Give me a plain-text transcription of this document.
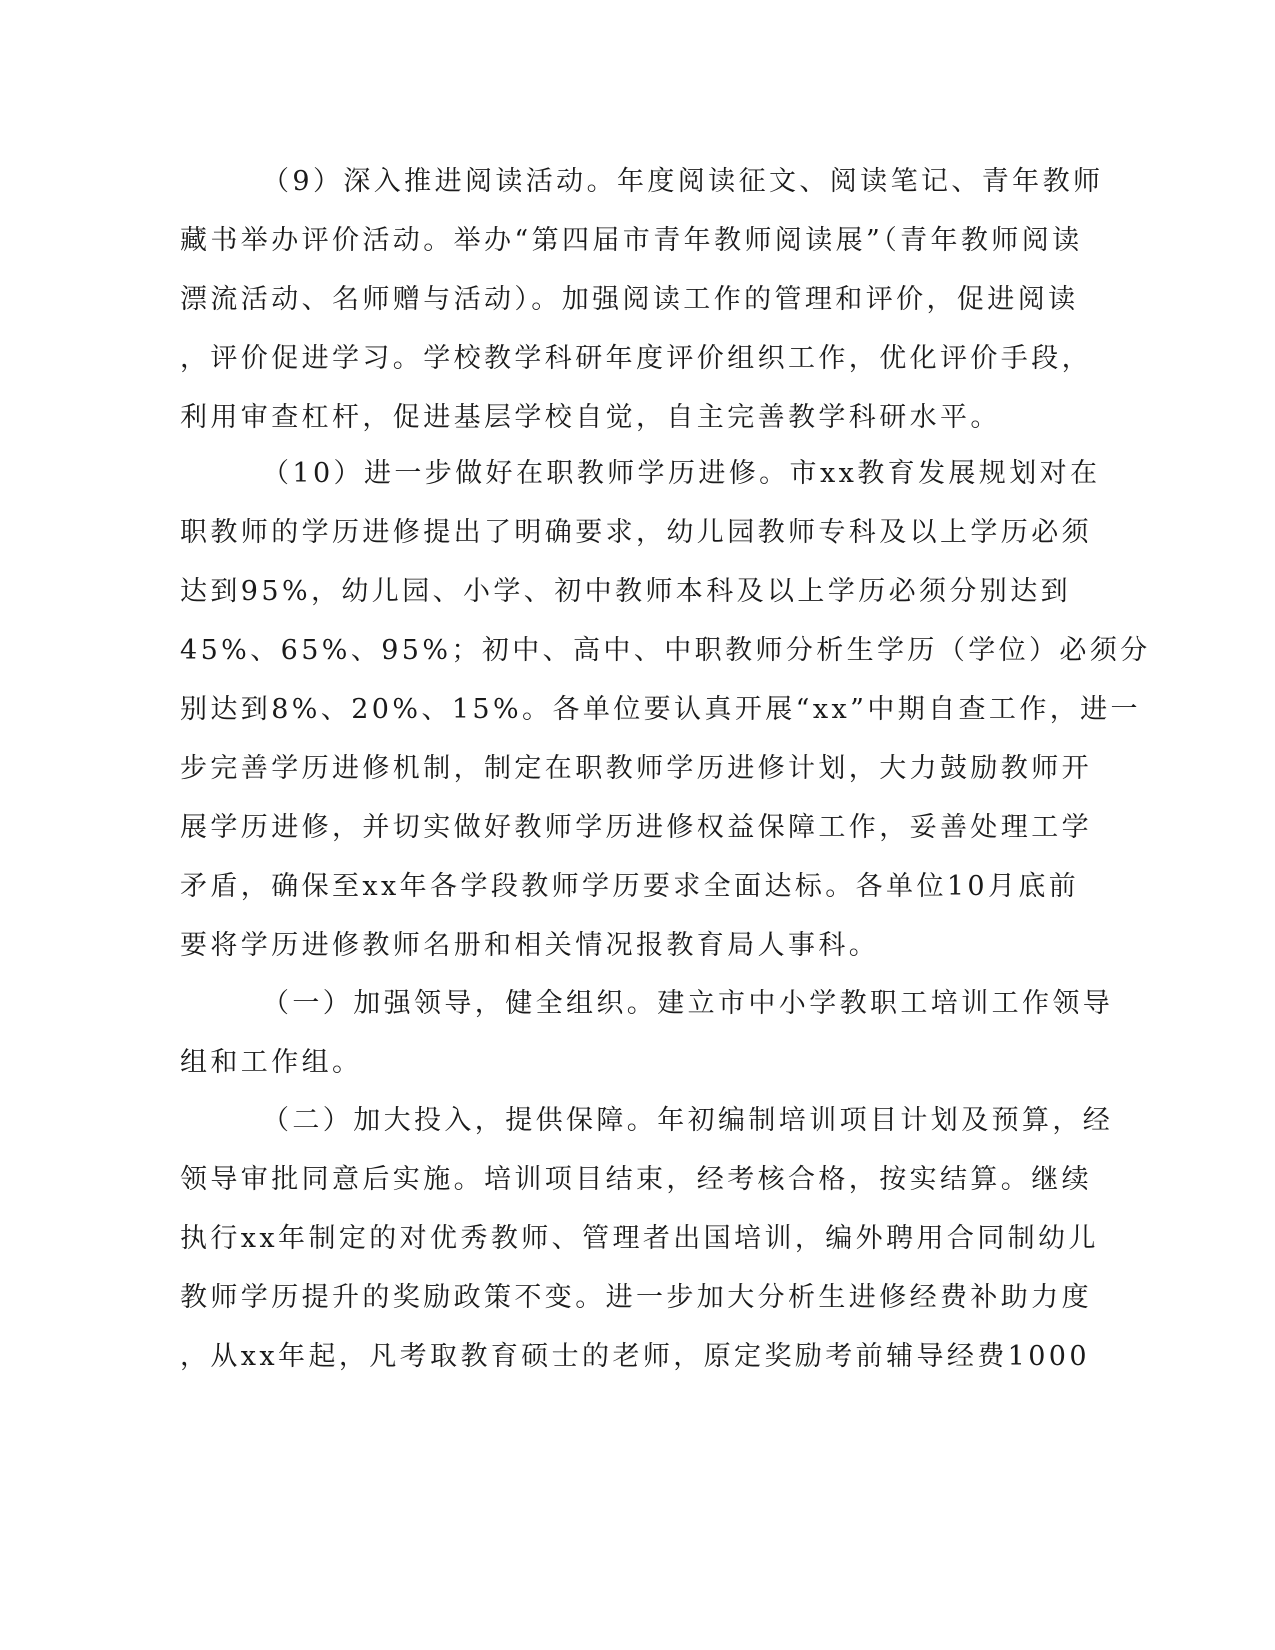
（9）深入推进阅读活动。年度阅读征文、阅读笔记、青年教师
藏书举办评价活动。举办“第四届市青年教师阅读展”（青年教师阅读
漂流活动、名师赠与活动）。加强阅读工作的管理和评价，促进阅读
，评价促进学习。学校教学科研年度评价组织工作，优化评价手段，
利用审查杠杆，促进基层学校自觉，自主完善教学科研水平。
（10）进一步做好在职教师学历进修。市xx教育发展规划对在
职教师的学历进修提出了明确要求，幼儿园教师专科及以上学历必须
达到95%，幼儿园、小学、初中教师本科及以上学历必须分别达到
45%、65%、95%；初中、高中、中职教师分析生学历（学位）必须分
别达到8%、20%、15%。各单位要认真开展“xx”中期自查工作，进一
步完善学历进修机制，制定在职教师学历进修计划，大力鼓励教师开
展学历进修，并切实做好教师学历进修权益保障工作，妥善处理工学
矛盾，确保至xx年各学段教师学历要求全面达标。各单位10月底前
要将学历进修教师名册和相关情况报教育局人事科。
（一）加强领导，健全组织。建立市中小学教职工培训工作领导
组和工作组。
（二）加大投入，提供保障。年初编制培训项目计划及预算，经
领导审批同意后实施。培训项目结束，经考核合格，按实结算。继续
执行xx年制定的对优秀教师、管理者出国培训，编外聘用合同制幼儿
教师学历提升的奖励政策不变。进一步加大分析生进修经费补助力度
，从xx年起，凡考取教育硕士的老师，原定奖励考前辅导经费1000
